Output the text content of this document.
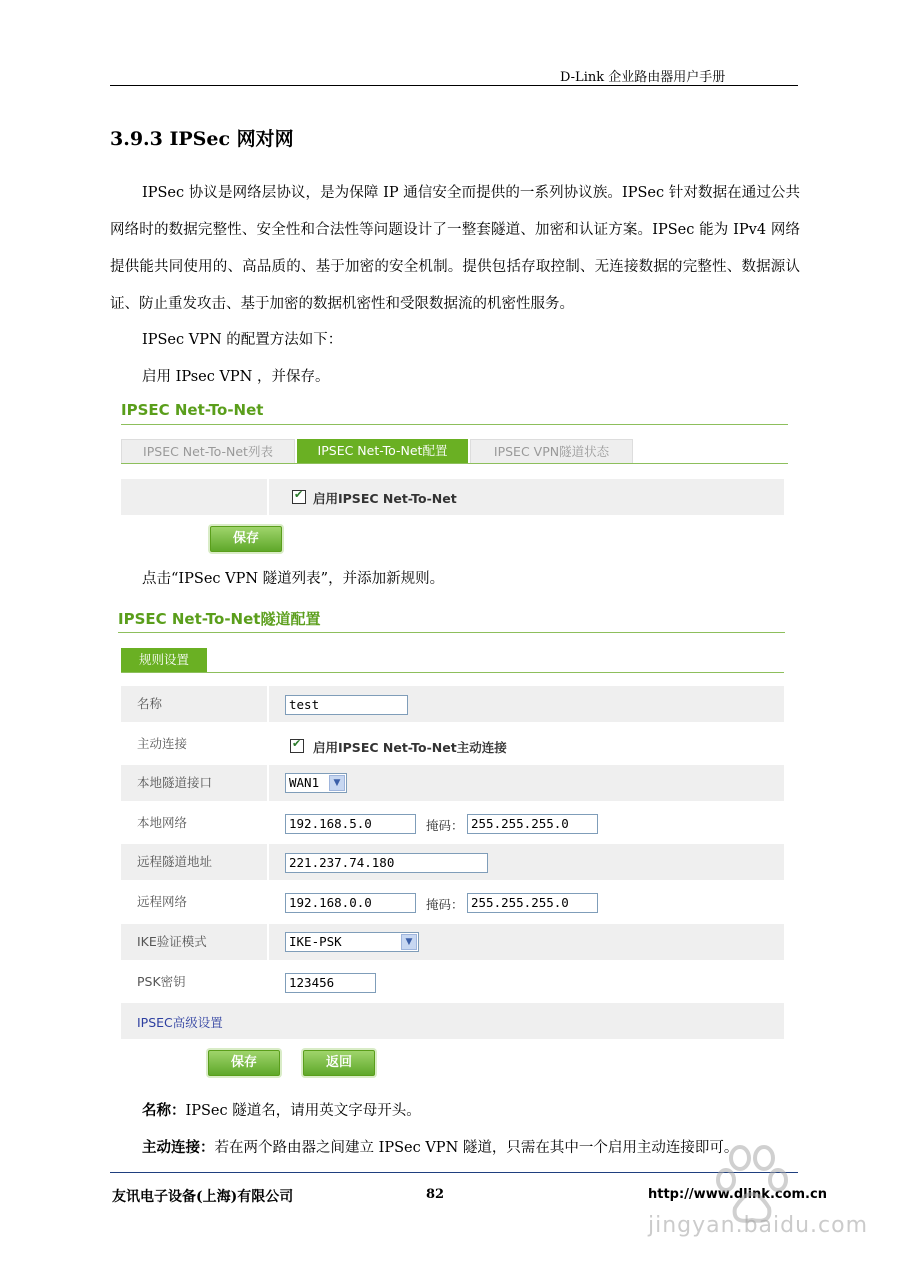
D-Link 企业路由器用户手册
3.9.3 IPSec 网对网
IPSec 协议是网络层协议，是为保障 IP 通信安全而提供的一系列协议族。IPSec 针对数据在通过公共网络时的数据完整性、安全性和合法性等问题设计了一整套隧道、加密和认证方案。IPSec 能为 IPv4 网络提供能共同使用的、高品质的、基于加密的安全机制。提供包括存取控制、无连接数据的完整性、数据源认证、防止重发攻击、基于加密的数据机密性和受限数据流的机密性服务。
IPSec VPN 的配置方法如下：
启用 IPsec VPN ，并保存。
IPSEC Net-To-Net
IPSEC Net-To-Net列表	IPSEC Net-To-Net配置	IPSEC VPN隧道状态
✔
启用IPSEC Net-To-Net
保存
点击“IPSec VPN 隧道列表”，并添加新规则。
IPSEC Net-To-Net隧道配置
规则设置
名称	test
主动连接
✔	启用IPSEC Net-To-Net主动连接
本地隧道接口	WAN1	▼
本地网络	192.168.5.0	掩码： 255.255.255.0
远程隧道地址	221.237.74.180
远程网络	192.168.0.0	掩码： 255.255.255.0
IKE验证模式	IKE-PSK	▼
PSK密钥	123456
IPSEC高级设置
保存	返回
名称：IPSec 隧道名，请用英文字母开头。
主动连接：若在两个路由器之间建立 IPSec VPN 隧道，只需在其中一个启用主动连接即可。
友讯电子设备(上海)有限公司	82	http://www.dlink.com.cn
jingyan.baidu.com
